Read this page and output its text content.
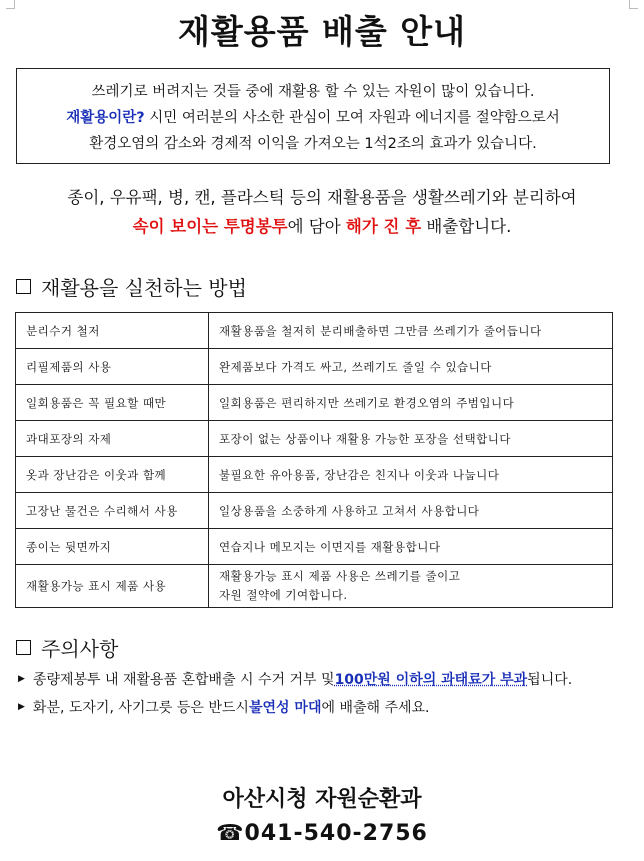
재활용품 배출 안내
쓰레기로 버려지는 것들 중에 재활용 할 수 있는 자원이 많이 있습니다.
재활용이란? 시민 여러분의 사소한 관심이 모여 자원과 에너지를 절약함으로서
환경오염의 감소와 경제적 이익을 가져오는 1석2조의 효과가 있습니다.
종이, 우유팩, 병, 캔, 플라스틱 등의 재활용품을 생활쓰레기와 분리하여
속이 보이는 투명봉투에 담아 해가 진 후 배출합니다.
재활용을 실천하는 방법
분리수거 철저	재활용품을 철저히 분리배출하면 그만큼 쓰레기가 줄어듭니다
리필제품의 사용	완제품보다 가격도 싸고, 쓰레기도 줄일 수 있습니다
일회용품은 꼭 필요할 때만	일회용품은 편리하지만 쓰레기로 환경오염의 주범입니다
과대포장의 자제	포장이 없는 상품이나 재활용 가능한 포장을 선택합니다
옷과 장난감은 이웃과 함께	불필요한 유아용품, 장난감은 친지나 이웃과 나눕니다
고장난 물건은 수리해서 사용	일상용품을 소중하게 사용하고 고쳐서 사용합니다
종이는 뒷면까지	연습지나 메모지는 이면지를 재활용합니다
재활용가능 표시 제품 사용	재활용가능 표시 제품 사용은 쓰레기를 줄이고
자원 절약에 기여합니다.
주의사항
▶ 종량제봉투 내 재활용품 혼합배출 시 수거 거부 및 100만원 이하의 과태료가 부과 됩니다.
▶ 화분, 도자기, 사기그릇 등은 반드시 불연성 마대 에 배출해 주세요.
아산시청 자원순환과
☎041-540-2756
